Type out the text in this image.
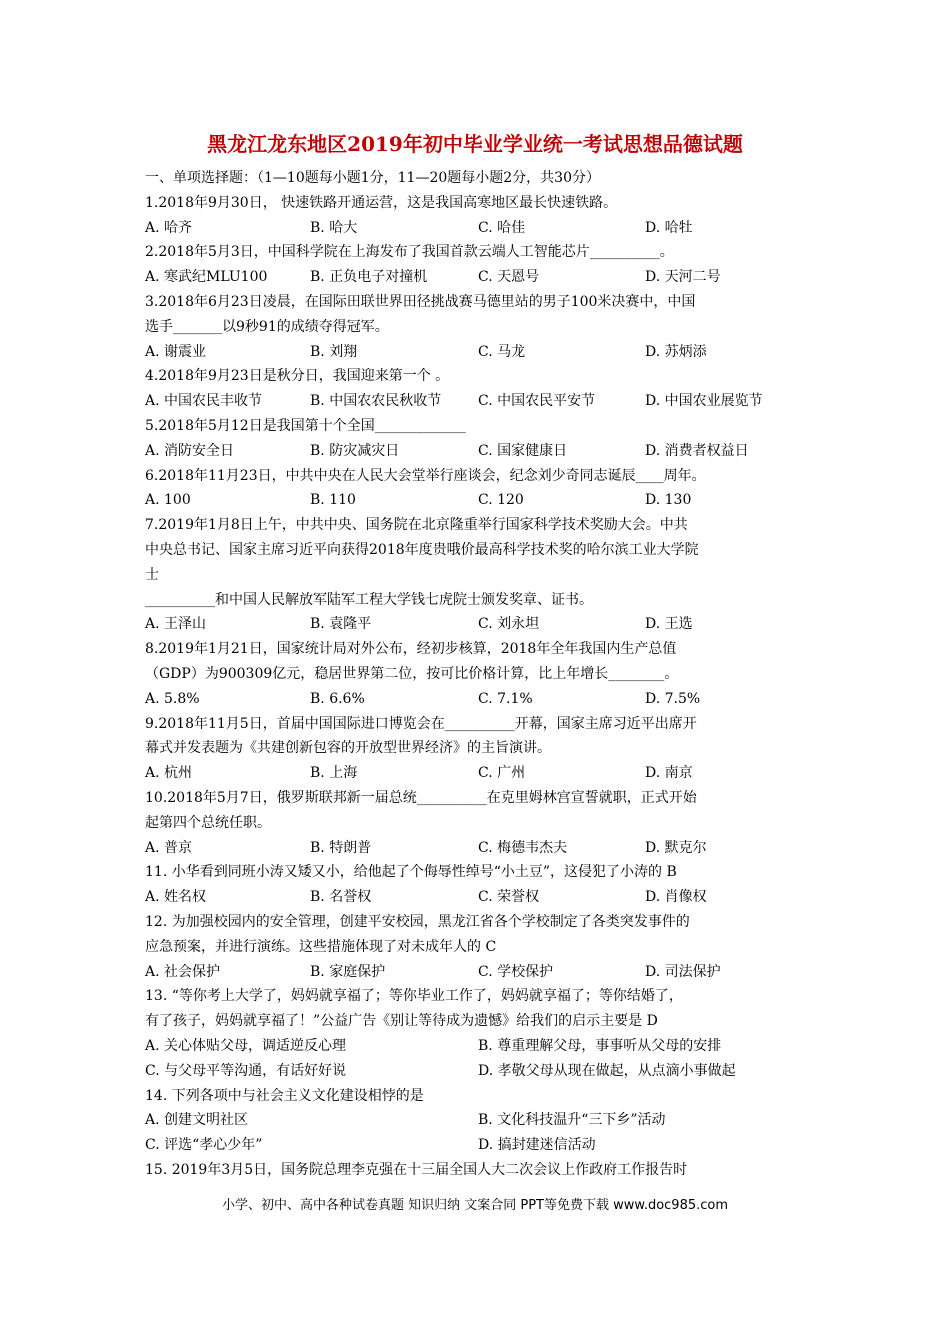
黑龙江龙东地区2019年初中毕业学业统一考试思想品德试题
一、单项选择题：（1—10题每小题1分，11—20题每小题2分，共30分）
1.2018年9月30日， 快速铁路开通运营，这是我国高寒地区最长快速铁路。
A. 哈齐	B. 哈大	C. 哈佳	D. 哈牡
2.2018年5月3日，中国科学院在上海发布了我国首款云端人工智能芯片__________。
A. 寒武纪MLU100	B. 正负电子对撞机	C. 天恩号	D. 天河二号
3.2018年6月23日凌晨，在国际田联世界田径挑战赛马德里站的男子100米决赛中，中国
选手_______以9秒91的成绩夺得冠军。
A. 谢震业	B. 刘翔	C. 马龙	D. 苏炳添
4.2018年9月23日是秋分日，我国迎来第一个 。
A. 中国农民丰收节	B. 中国农农民秋收节	C. 中国农民平安节	D. 中国农业展览节
5.2018年5月12日是我国第十个全国_____________
A. 消防安全日	B. 防灾减灾日	C. 国家健康日	D. 消费者权益日
6.2018年11月23日，中共中央在人民大会堂举行座谈会，纪念刘少奇同志诞辰____周年。
A. 100	B. 110	C. 120	D. 130
7.2019年1月8日上午，中共中央、国务院在北京隆重举行国家科学技术奖励大会。中共
中央总书记、国家主席习近平向获得2018年度贵哦价最高科学技术奖的哈尔滨工业大学院
士
__________和中国人民解放军陆军工程大学钱七虎院士颁发奖章、证书。
A. 王泽山	B. 袁隆平	C. 刘永坦	D. 王选
8.2019年1月21日，国家统计局对外公布，经初步核算，2018年全年我国内生产总值
（GDP）为900309亿元，稳居世界第二位，按可比价格计算，比上年增长________。
A. 5.8%	B. 6.6%	C. 7.1%	D. 7.5%
9.2018年11月5日，首届中国国际进口博览会在__________开幕，国家主席习近平出席开
幕式并发表题为《共建创新包容的开放型世界经济》的主旨演讲。
A. 杭州	B. 上海	C. 广州	D. 南京
10.2018年5月7日，俄罗斯联邦新一届总统__________在克里姆林宫宣誓就职，正式开始
起第四个总统任职。
A. 普京	B. 特朗普	C. 梅德韦杰夫	D. 默克尔
11. 小华看到同班小涛又矮又小，给他起了个侮辱性绰号“小土豆”，这侵犯了小涛的 B
A. 姓名权	B. 名誉权	C. 荣誉权	D. 肖像权
12. 为加强校园内的安全管理，创建平安校园，黑龙江省各个学校制定了各类突发事件的
应急预案，并进行演练。这些措施体现了对未成年人的 C
A. 社会保护	B. 家庭保护	C. 学校保护	D. 司法保护
13. “等你考上大学了，妈妈就享福了；等你毕业工作了，妈妈就享福了；等你结婚了，
有了孩子，妈妈就享福了！”公益广告《别让等待成为遗憾》给我们的启示主要是 D
A. 关心体贴父母，调适逆反心理	B. 尊重理解父母，事事听从父母的安排
C. 与父母平等沟通，有话好好说	D. 孝敬父母从现在做起，从点滴小事做起
14. 下列各项中与社会主义文化建设相悖的是
A. 创建文明社区	B. 文化科技温升“三下乡”活动
C. 评选“孝心少年”	D. 搞封建迷信活动
15. 2019年3月5日，国务院总理李克强在十三届全国人大二次会议上作政府工作报告时
小学、初中、高中各种试卷真题 知识归纳 文案合同 PPT等免费下载 www.doc985.com
